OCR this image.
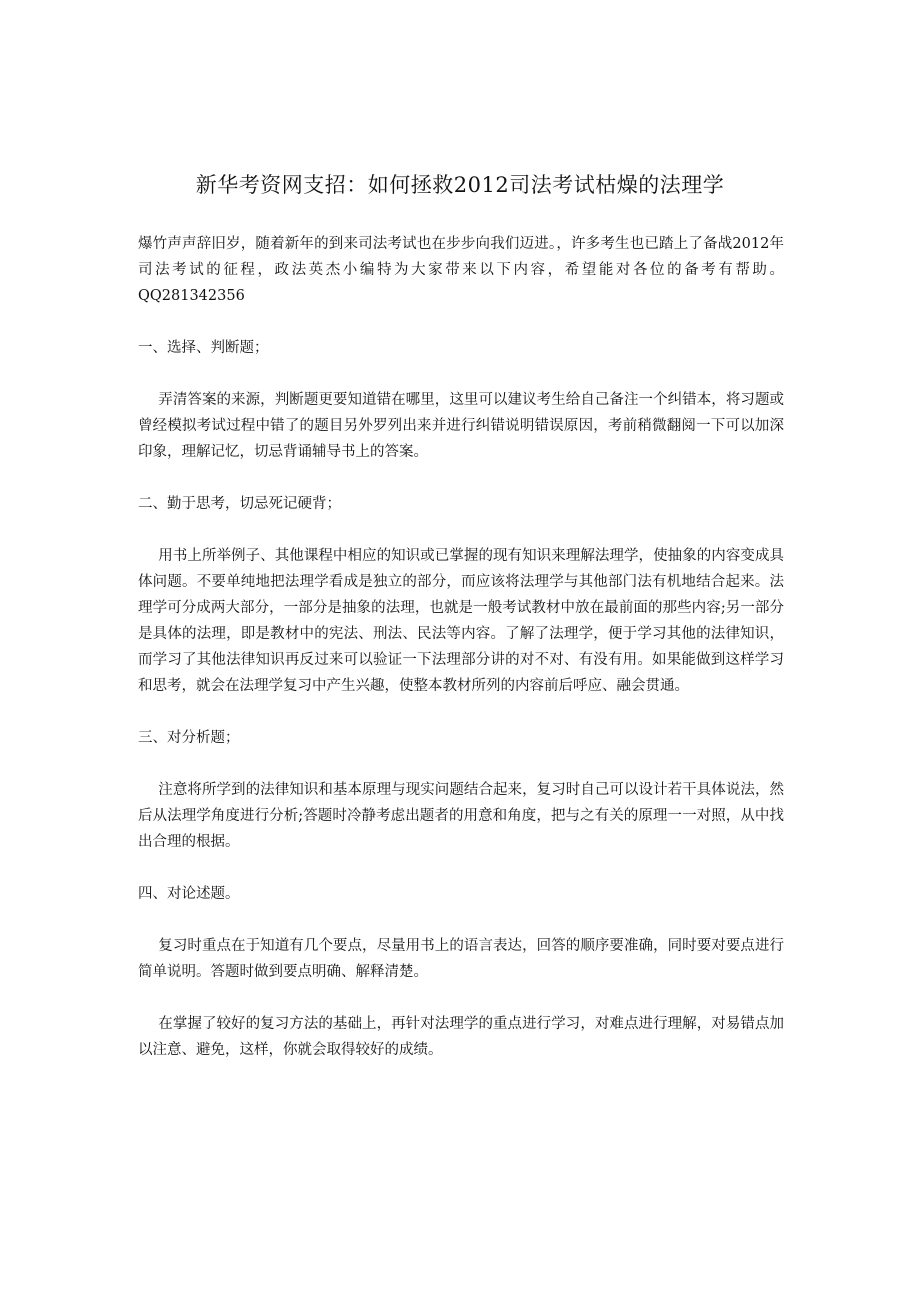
新华考资网支招：如何拯救2012司法考试枯燥的法理学

爆竹声声辞旧岁，随着新年的到来司法考试也在步步向我们迈进。，许多考生也已踏上了备战2012年司法考试的征程，政法英杰小编特为大家带来以下内容，希望能对各位的备考有帮助。 QQ281342356

一、选择、判断题；

弄清答案的来源，判断题更要知道错在哪里，这里可以建议考生给自己备注一个纠错本，将习题或曾经模拟考试过程中错了的题目另外罗列出来并进行纠错说明错误原因，考前稍微翻阅一下可以加深印象，理解记忆，切忌背诵辅导书上的答案。

二、勤于思考，切忌死记硬背；

用书上所举例子、其他课程中相应的知识或已掌握的现有知识来理解法理学，使抽象的内容变成具体问题。不要单纯地把法理学看成是独立的部分，而应该将法理学与其他部门法有机地结合起来。法理学可分成两大部分，一部分是抽象的法理，也就是一般考试教材中放在最前面的那些内容;另一部分是具体的法理，即是教材中的宪法、刑法、民法等内容。了解了法理学，便于学习其他的法律知识，而学习了其他法律知识再反过来可以验证一下法理部分讲的对不对、有没有用。如果能做到这样学习和思考，就会在法理学复习中产生兴趣，使整本教材所列的内容前后呼应、融会贯通。

三、对分析题；

注意将所学到的法律知识和基本原理与现实问题结合起来，复习时自己可以设计若干具体说法，然后从法理学角度进行分析;答题时冷静考虑出题者的用意和角度，把与之有关的原理一一对照，从中找出合理的根据。

四、对论述题。

复习时重点在于知道有几个要点，尽量用书上的语言表达，回答的顺序要准确，同时要对要点进行简单说明。答题时做到要点明确、解释清楚。

在掌握了较好的复习方法的基础上，再针对法理学的重点进行学习，对难点进行理解，对易错点加以注意、避免，这样，你就会取得较好的成绩。
